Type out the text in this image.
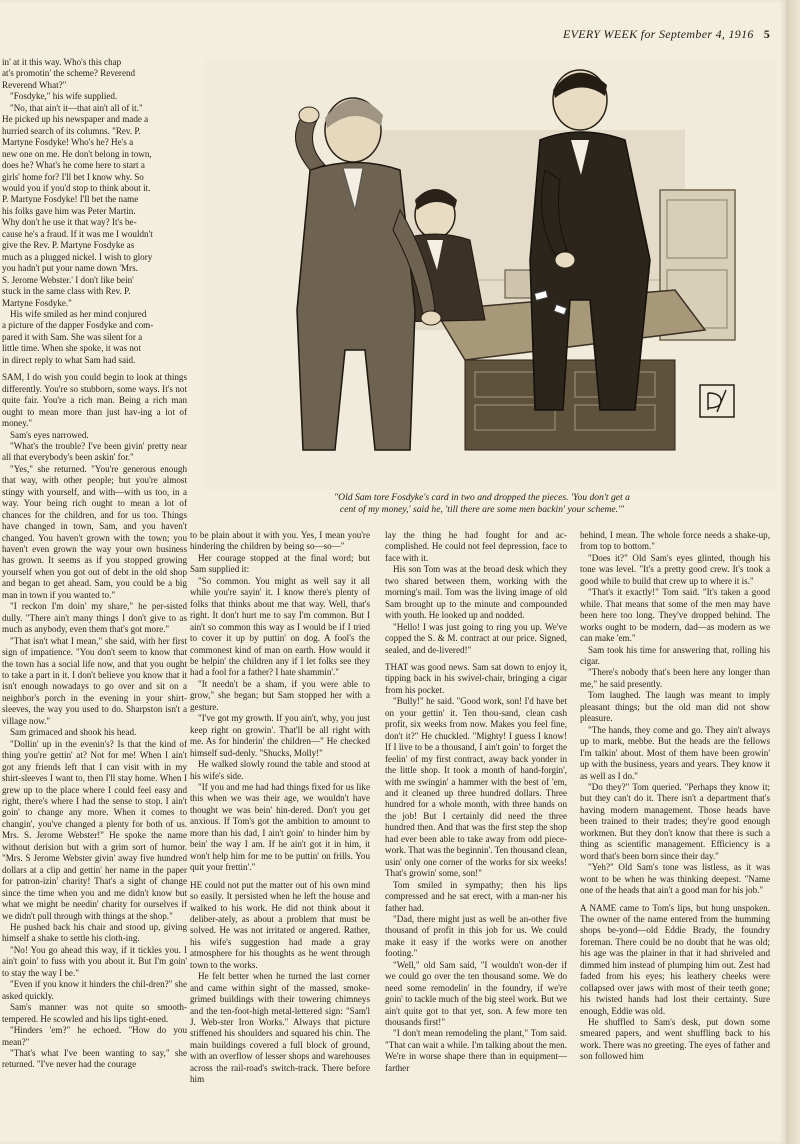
EVERY WEEK for September 4, 1916 5

in' at it this way. Who's this chap

at's promotin' the scheme? Reverend

Reverend What?"

"Fosdyke," his wife supplied.

"No, that ain't it—that ain't all of it."

He picked up his newspaper and made a

hurried search of its columns. "Rev. P.

Martyne Fosdyke! Who's he? He's a

new one on me. He don't belong in town,

does he? What's he come here to start a

girls' home for? I'll bet I know why. So

would you if you'd stop to think about it.

P. Martyne Fosdyke! I'll bet the name

his folks gave him was Peter Martin.

Why don't he use it that way? It's be-

cause he's a fraud. If it was me I wouldn't

give the Rev. P. Martyne Fosdyke as

much as a plugged nickel. I wish to glory

you hadn't put your name down 'Mrs.

S. Jerome Webster.' I don't like bein'

stuck in the same class with Rev. P.

Martyne Fosdyke."

His wife smiled as her mind conjured

a picture of the dapper Fosdyke and com-

pared it with Sam. She was silent for a

little time. When she spoke, it was not

in direct reply to what Sam had said.

SAM, I do wish you could begin to look at things differently. You're so stubborn, some ways. It's not quite fair. You're a rich man. Being a rich man ought to mean more than just hav-ing a lot of money."

Sam's eyes narrowed.

"What's the trouble? I've been givin' pretty near all that everybody's been askin' for."

"Yes," she returned. "You're generous enough that way, with other people; but you're almost stingy with yourself, and with—with us too, in a way. Your being rich ought to mean a lot of chances for the children, and for us too. Things have changed in town, Sam, and you haven't changed. You haven't grown with the town; you haven't even grown the way your own business has grown. It seems as if you stopped growing yourself when you got out of debt in the old shop and began to get ahead. Sam, you could be a big man in town if you wanted to."

"I reckon I'm doin' my share," he per-sisted dully. "There ain't many things I don't give to as much as anybody, even them that's got more."

"That isn't what I mean," she said, with her first sign of impatience. "You don't seem to know that the town has a social life now, and that you ought to take a part in it. I don't believe you know that it isn't enough nowadays to go over and sit on a neighbor's porch in the evening in your shirt-sleeves, the way you used to do. Sharpston isn't a village now."

Sam grimaced and shook his head.

"Dollin' up in the evenin's? Is that the kind of thing you're gettin' at? Not for me! When I ain't got any friends left that I can visit with in my shirt-sleeves I want to, then I'll stay home. When I grew up to the place where I could feel easy and right, there's where I had the sense to stop. I ain't goin' to change any more. When it comes to changin', you've changed a plenty for both of us. Mrs. S. Jerome Webster!" He spoke the name without derision but with a grim sort of humor. "Mrs. S Jerome Webster givin' away five hundred dollars at a clip and gettin' her name in the paper for patron-izin' charity! That's a sight of change since the time when you and me didn't know but what we might be needin' charity for ourselves if we didn't pull through with things at the shop."

He pushed back his chair and stood up, giving himself a shake to settle his cloth-ing.

"No! You go ahead this way, if it tickles you. I ain't goin' to fuss with you about it. But I'm goin' to stay the way I be."

"Even if you know it hinders the chil-dren?" she asked quickly.

Sam's manner was not quite so smooth-tempered. He scowled and his lips tight-ened.

"Hinders 'em?" he echoed. "How do you mean?"

"That's what I've been wanting to say," she returned. "I've never had the courage

"Old Sam tore Fosdyke's card in two and dropped the pieces. 'You don't get a
cent of my money,' said he, 'till there are some men backin' your scheme.'"

to be plain about it with you. Yes, I mean you're hindering the children by being so—so—"

Her courage stopped at the final word; but Sam supplied it:

"So common. You might as well say it all while you're sayin' it. I know there's plenty of folks that thinks about me that way. Well, that's right. It don't hurt me to say I'm common. But I ain't so common this way as I would be if I tried to cover it up by puttin' on dog. A fool's the commonest kind of man on earth. How would it be helpin' the children any if I let folks see they had a fool for a father? I hate shammin'."

"It needn't be a sham, if you were able to grow," she began; but Sam stopped her with a gesture.

"I've got my growth. If you ain't, why, you just keep right on growin'. That'll be all right with me. As for hinderin' the children—" He checked himself sud-denly. "Shucks, Molly!"

He walked slowly round the table and stood at his wife's side.

"If you and me had had things fixed for us like this when we was their age, we wouldn't have thought we was bein' hin-dered. Don't you get anxious. If Tom's got the ambition to amount to more than his dad, I ain't goin' to hinder him by bein' the way I am. If he ain't got it in him, it won't help him for me to be puttin' on frills. You quit your frettin'."

HE could not put the matter out of his own mind so easily. It persisted when he left the house and walked to his work. He did not think about it deliber-ately, as about a problem that must be solved. He was not irritated or angered. Rather, his wife's suggestion had made a gray atmosphere for his thoughts as he went through town to the works.

He felt better when he turned the last corner and came within sight of the massed, smoke-grimed buildings with their towering chimneys and the ten-foot-high metal-lettered sign: "Sam'l J. Web-ster Iron Works." Always that picture stiffened his shoulders and squared his chin. The main buildings covered a full block of ground, with an overflow of lesser shops and warehouses across the rail-road's switch-track. There before him

lay the thing he had fought for and ac-complished. He could not feel depression, face to face with it.

His son Tom was at the broad desk which they two shared between them, working with the morning's mail. Tom was the living image of old Sam brought up to the minute and compounded with youth. He looked up and nodded.

"Hello! I was just going to ring you up. We've copped the S. & M. contract at our price. Signed, sealed, and de-livered!"

THAT was good news. Sam sat down to enjoy it, tipping back in his swivel-chair, bringing a cigar from his pocket.

"Bully!" he said. "Good work, son! I'd have bet on your gettin' it. Ten thou-sand, clean cash profit, six weeks from now. Makes you feel fine, don't it?" He chuckled. "Mighty! I guess I know! If I live to be a thousand, I ain't goin' to forget the feelin' of my first contract, away back yonder in the little shop. It took a month of hand-forgin', with me swingin' a hammer with the best of 'em, and it cleaned up three hundred dollars. Three hundred for a whole month, with three hands on the job! But I certainly did need the three hundred then. And that was the first step the shop had ever been able to take away from odd piece-work. That was the beginnin'. Ten thousand clean, usin' only one corner of the works for six weeks! That's growin' some, son!"

Tom smiled in sympathy; then his lips compressed and he sat erect, with a man-ner his father had.

"Dad, there might just as well be an-other five thousand of profit in this job for us. We could make it easy if the works were on another footing."

"Well," old Sam said, "I wouldn't won-der if we could go over the ten thousand some. We do need some remodelin' in the foundry, if we're goin' to tackle much of the big steel work. But we ain't quite got to that yet, son. A few more ten thousands first!"

"I don't mean remodeling the plant," Tom said. "That can wait a while. I'm talking about the men. We're in worse shape there than in equipment—farther

behind, I mean. The whole force needs a shake-up, from top to bottom."

"Does it?" Old Sam's eyes glinted, though his tone was level. "It's a pretty good crew. It's took a good while to build that crew up to where it is."

"That's it exactly!" Tom said. "It's taken a good while. That means that some of the men may have been here too long. They've dropped behind. The works ought to be modern, dad—as modern as we can make 'em."

Sam took his time for answering that, rolling his cigar.

"There's nobody that's been here any longer than me," he said presently.

Tom laughed. The laugh was meant to imply pleasant things; but the old man did not show pleasure.

"The hands, they come and go. They ain't always up to mark, mebbe. But the heads are the fellows I'm talkin' about. Most of them have been growin' up with the business, years and years. They know it as well as I do."

"Do they?" Tom queried. "Perhaps they know it; but they can't do it. There isn't a department that's having modern management. Those heads have been trained to their trades; they're good enough workmen. But they don't know that there is such a thing as scientific management. Efficiency is a word that's been born since their day."

"Yeh?" Old Sam's tone was listless, as it was wont to be when he was thinking deepest. "Name one of the heads that ain't a good man for his job."

A NAME came to Tom's lips, but hung unspoken. The owner of the name entered from the humming shops be-yond—old Eddie Brady, the foundry foreman. There could be no doubt that he was old; his age was the plainer in that it had shriveled and dimmed him instead of plumping him out. Zest had faded from his eyes; his leathery cheeks were collapsed over jaws with most of their teeth gone; his twisted hands had lost their certainty. Sure enough, Eddie was old.

He shuffled to Sam's desk, put down some smeared papers, and went shuffling back to his work. There was no greeting. The eyes of father and son followed him
